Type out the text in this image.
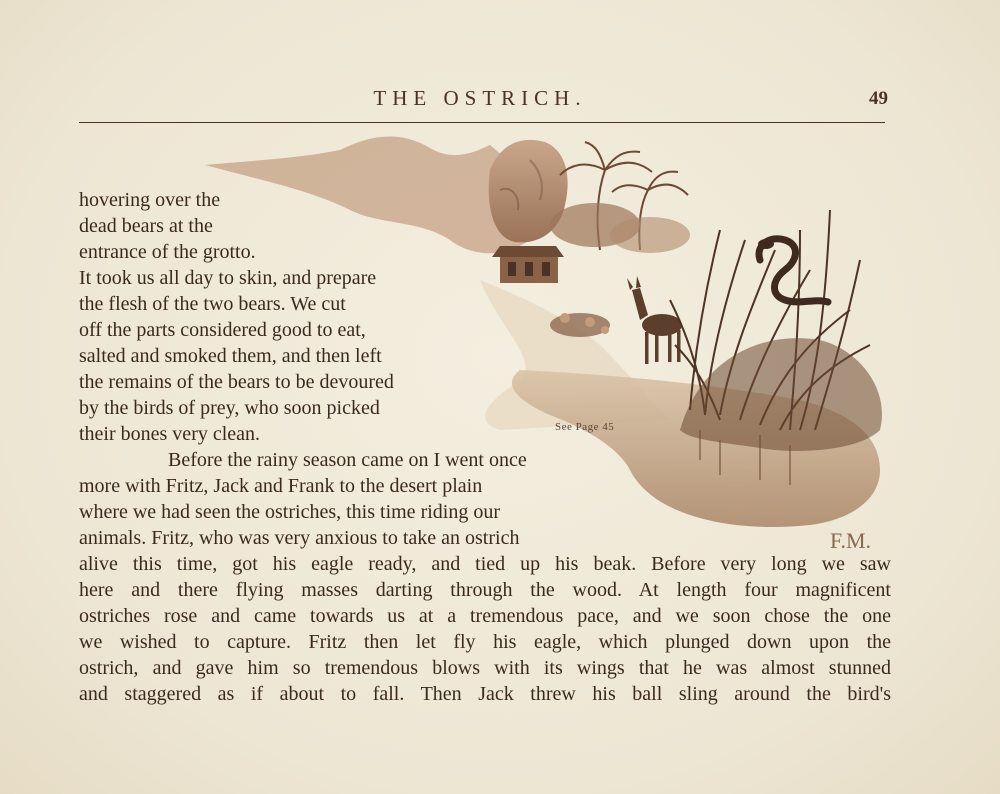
THE OSTRICH.	49
F.M.
See Page 45
hovering over the
dead bears at the
entrance of the grotto.
It took us all day to skin, and prepare
the flesh of the two bears. We cut
off the parts considered good to eat,
salted and smoked them, and then left
the remains of the bears to be devoured
by the birds of prey, who soon picked
their bones very clean.
Before the rainy season came on I went once
more with Fritz, Jack and Frank to the desert plain
where we had seen the ostriches, this time riding our
animals. Fritz, who was very anxious to take an ostrich
alive this time, got his eagle ready, and tied up his beak. Before very long we saw
here and there flying masses darting through the wood. At length four magnificent
ostriches rose and came towards us at a tremendous pace, and we soon chose the one
we wished to capture. Fritz then let fly his eagle, which plunged down upon the
ostrich, and gave him so tremendous blows with its wings that he was almost stunned
and staggered as if about to fall. Then Jack threw his ball sling around the bird's
